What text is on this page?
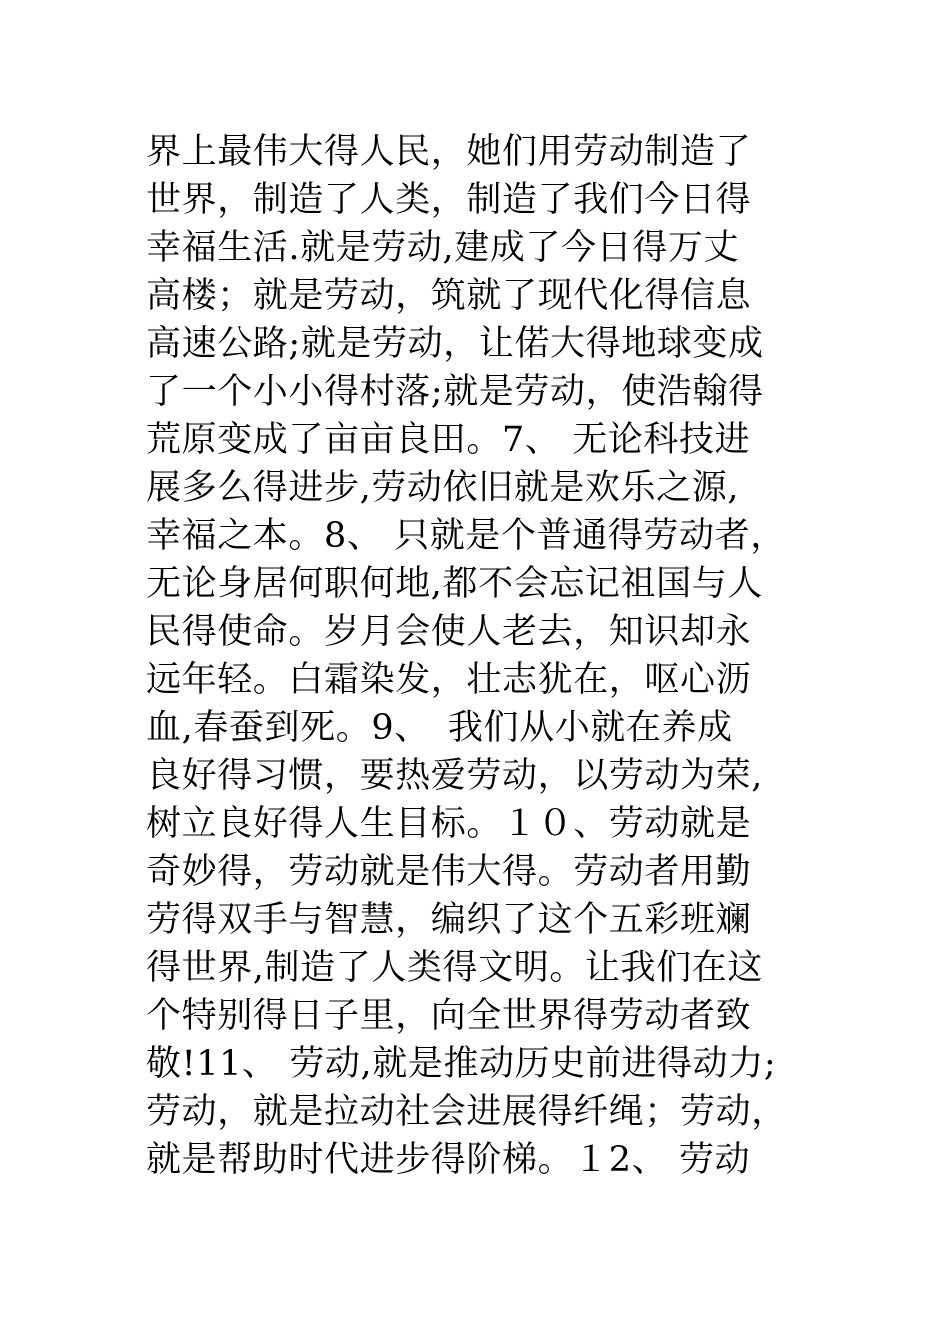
界上最伟大得人民，她们用劳动制造了
世界，制造了人类，制造了我们今日得
幸福生活.就是劳动,建成了今日得万丈
高楼；就是劳动，筑就了现代化得信息
高速公路;就是劳动，让偌大得地球变成
了一个小小得村落;就是劳动，使浩翰得
荒原变成了亩亩良田。7、 无论科技进
展多么得进步,劳动依旧就是欢乐之源,
幸福之本。8、 只就是个普通得劳动者，
无论身居何职何地,都不会忘记祖国与人
民得使命。岁月会使人老去，知识却永
远年轻。白霜染发，壮志犹在，呕心沥
血,春蚕到死。9、　我们从小就在养成
良好得习惯，要热爱劳动，以劳动为荣,
树立良好得人生目标。１０、劳动就是
奇妙得，劳动就是伟大得。劳动者用勤
劳得双手与智慧，编织了这个五彩班斓
得世界,制造了人类得文明。让我们在这
个特别得日子里，向全世界得劳动者致
敬!11、 劳动,就是推动历史前进得动力;
劳动，就是拉动社会进展得纤绳；劳动，
就是帮助时代进步得阶梯。１2、 劳动
